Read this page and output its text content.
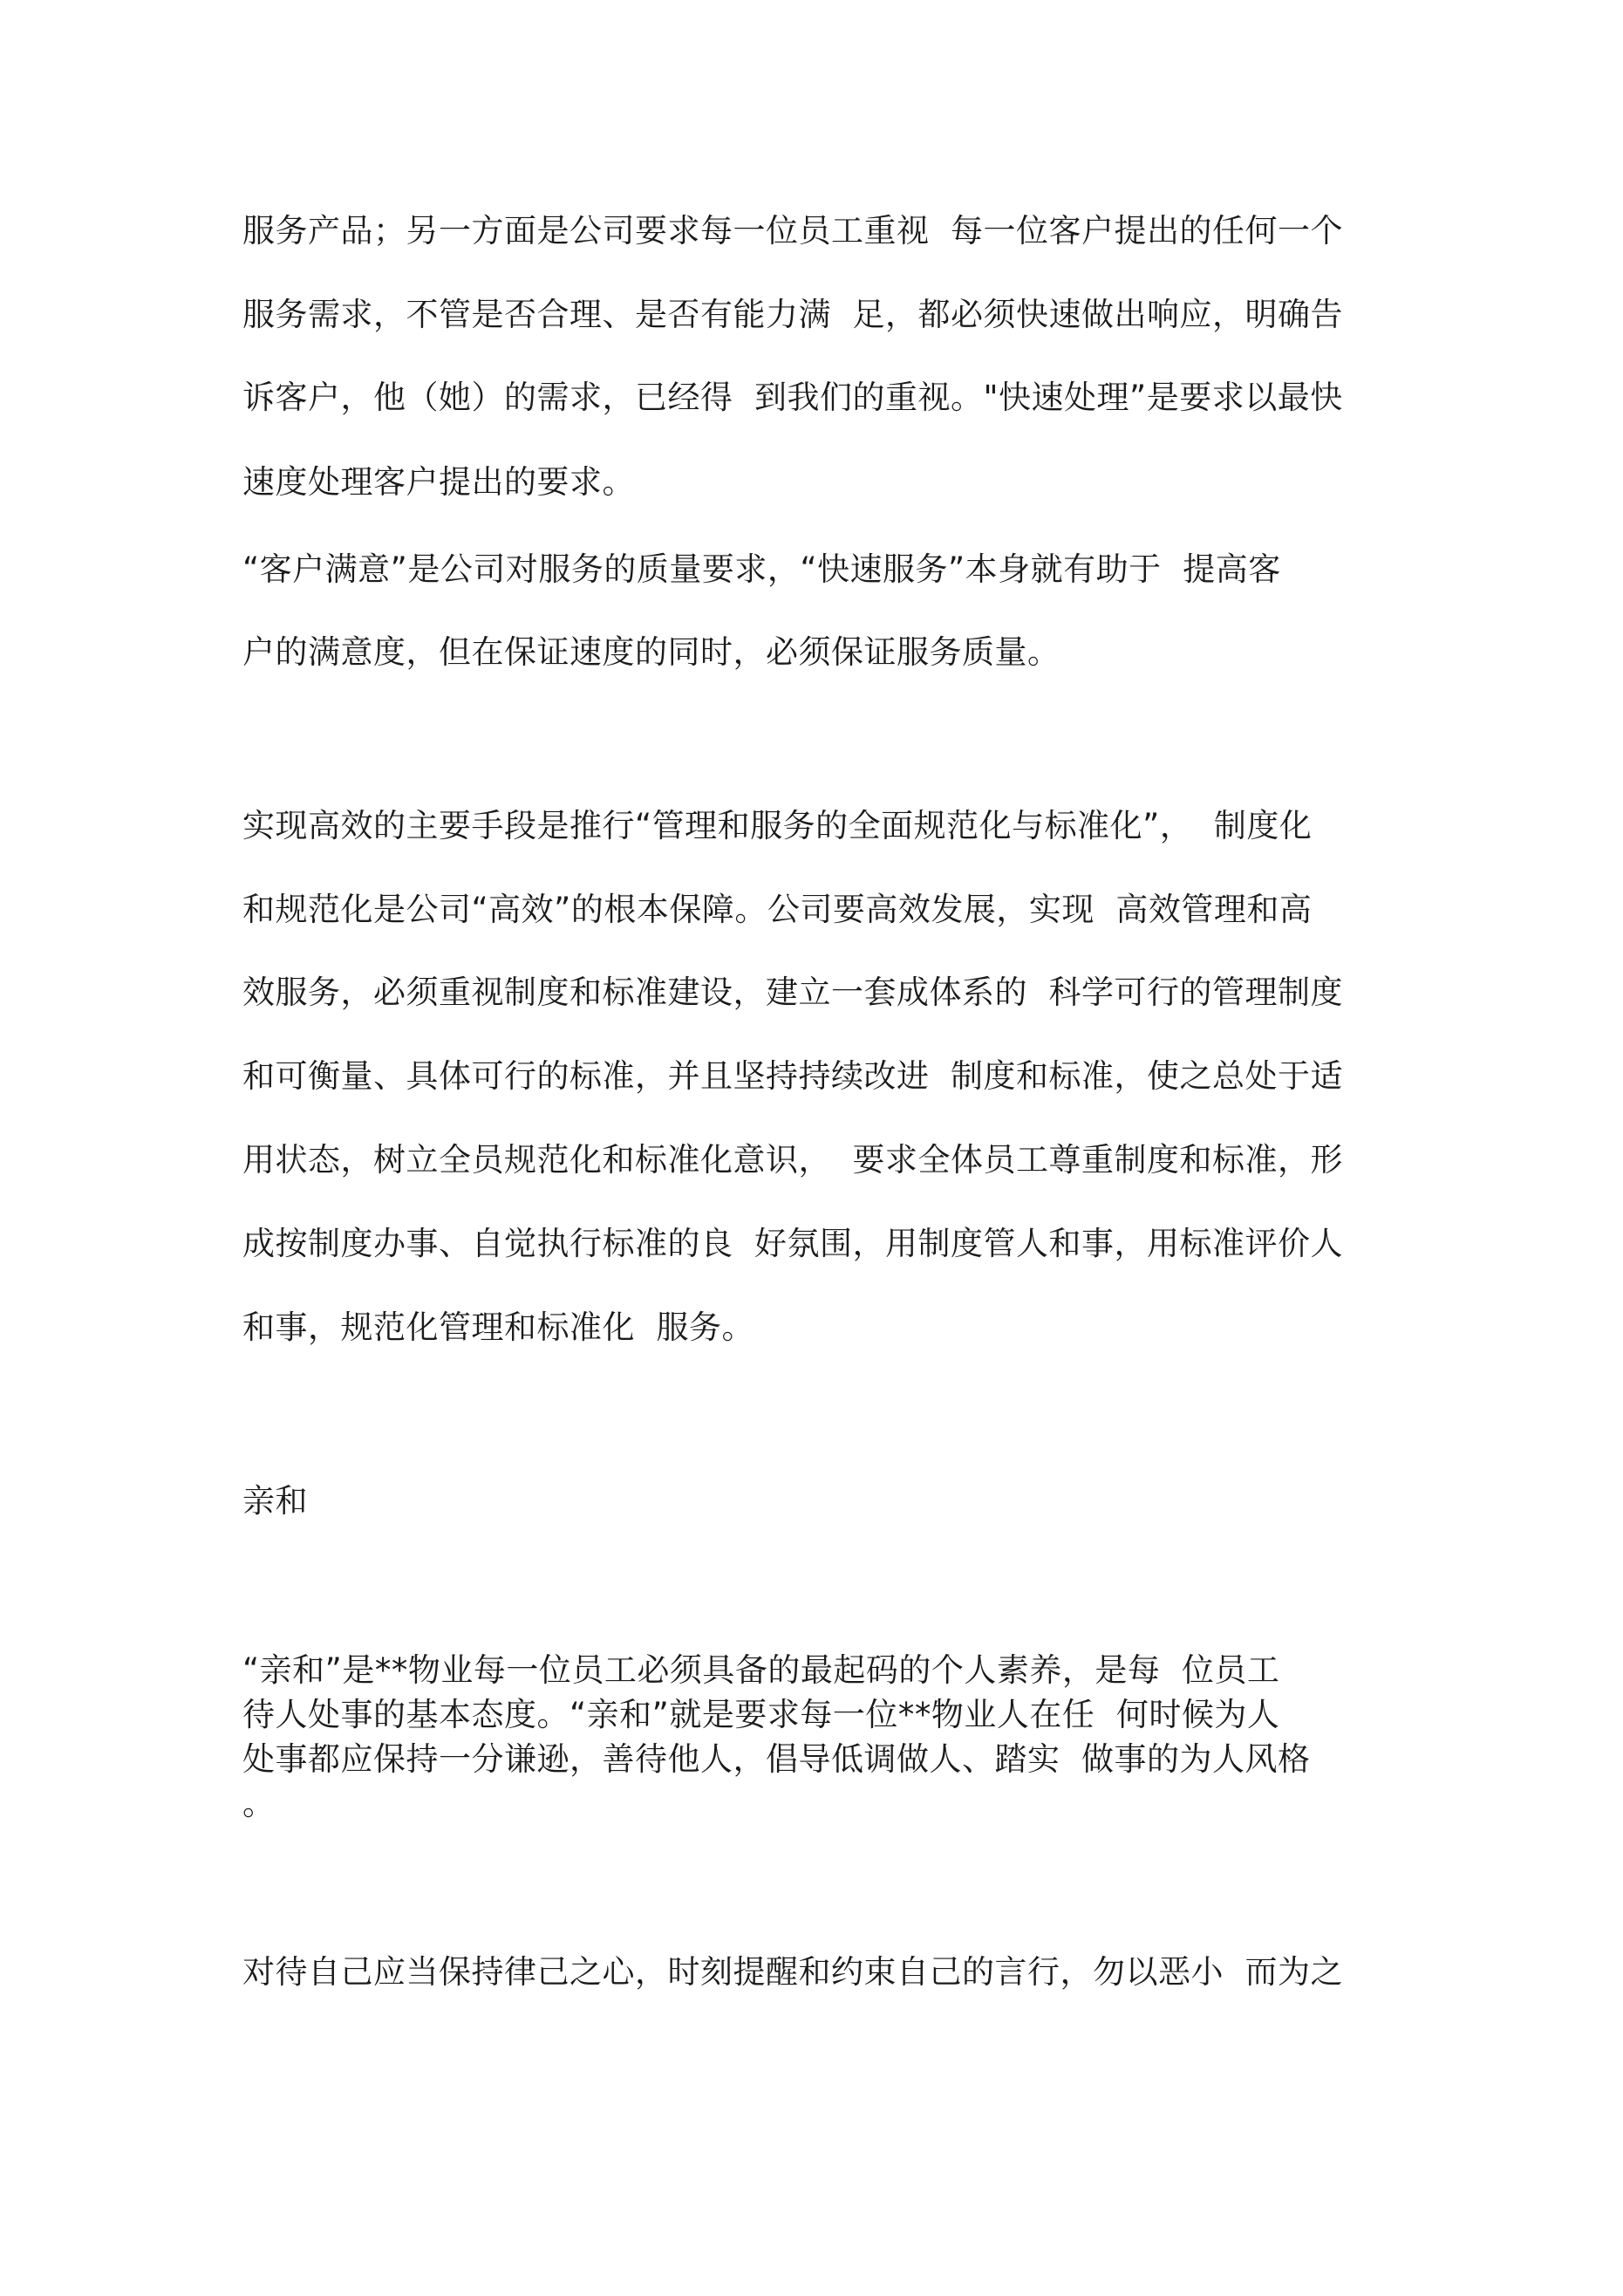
服务产品；另一方面是公司要求每一位员工重视  每一位客户提出的任何一个

服务需求，不管是否合理、是否有能力满  足，都必须快速做出响应，明确告

诉客户，他（她）的需求，已经得  到我们的重视。"快速处理”是要求以最快

速度处理客户提出的要求。

“客户满意”是公司对服务的质量要求，“快速服务”本身就有助于  提高客

户的满意度，但在保证速度的同时，必须保证服务质量。

实现高效的主要手段是推行“管理和服务的全面规范化与标准化”，  制度化

和规范化是公司“高效”的根本保障。公司要高效发展，实现  高效管理和高

效服务，必须重视制度和标准建设，建立一套成体系的  科学可行的管理制度

和可衡量、具体可行的标准，并且坚持持续改进  制度和标准，使之总处于适

用状态，树立全员规范化和标准化意识，  要求全体员工尊重制度和标准，形

成按制度办事、自觉执行标准的良  好氛围，用制度管人和事，用标准评价人

和事，规范化管理和标准化  服务。

亲和

“亲和”是**物业每一位员工必须具备的最起码的个人素养，是每  位员工

待人处事的基本态度。“亲和”就是要求每一位**物业人在任  何时候为人

处事都应保持一分谦逊，善待他人，倡导低调做人、踏实  做事的为人风格

。

对待自己应当保持律己之心，时刻提醒和约束自己的言行，勿以恶小  而为之
